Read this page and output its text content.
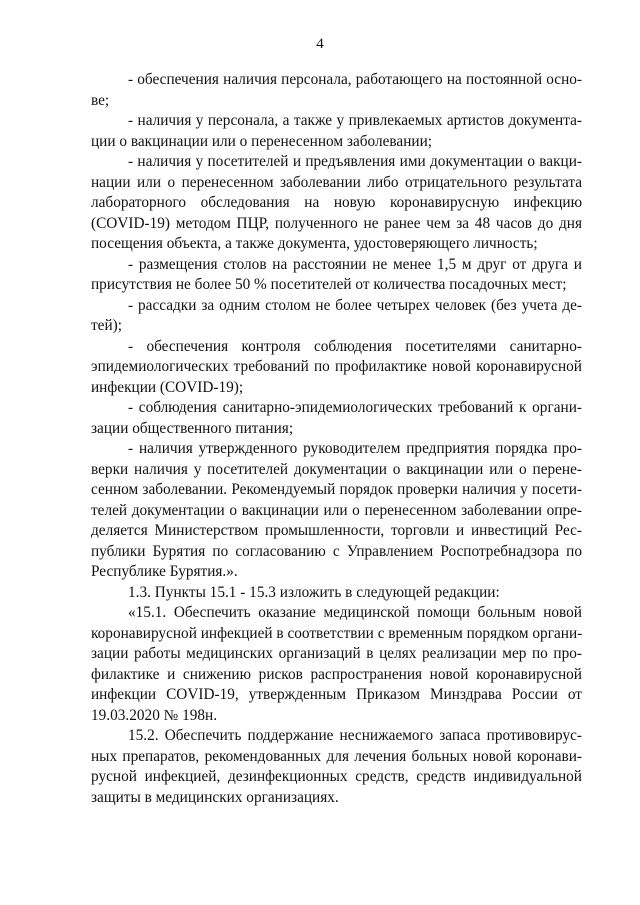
4
- обеспечения наличия персонала, работающего на постоянной осно-
ве;
- наличия у персонала, а также у привлекаемых артистов документа-
ции о вакцинации или о перенесенном заболевании;
- наличия у посетителей и предъявления ими документации о вакци-
нации или о перенесенном заболевании либо отрицательного результата
лабораторного обследования на новую коронавирусную инфекцию
(COVID-19) методом ПЦР, полученного не ранее чем за 48 часов до дня
посещения объекта, а также документа, удостоверяющего личность;
- размещения столов на расстоянии не менее 1,5 м друг от друга и
присутствия не более 50 % посетителей от количества посадочных мест;
- рассадки за одним столом не более четырех человек (без учета де-
тей);
- обеспечения контроля соблюдения посетителями санитарно-
эпидемиологических требований по профилактике новой коронавирусной
инфекции (COVID-19);
- соблюдения санитарно-эпидемиологических требований к органи-
зации общественного питания;
- наличия утвержденного руководителем предприятия порядка про-
верки наличия у посетителей документации о вакцинации или о перене-
сенном заболевании. Рекомендуемый порядок проверки наличия у посети-
телей документации о вакцинации или о перенесенном заболевании опре-
деляется Министерством промышленности, торговли и инвестиций Рес-
публики Бурятия по согласованию с Управлением Роспотребнадзора по
Республике Бурятия.».
1.3. Пункты 15.1 - 15.3 изложить в следующей редакции:
«15.1. Обеспечить оказание медицинской помощи больным новой
коронавирусной инфекцией в соответствии с временным порядком органи-
зации работы медицинских организаций в целях реализации мер по про-
филактике и снижению рисков распространения новой коронавирусной
инфекции COVID-19, утвержденным Приказом Минздрава России от
19.03.2020 № 198н.
15.2. Обеспечить поддержание неснижаемого запаса противовирус-
ных препаратов, рекомендованных для лечения больных новой коронави-
русной инфекцией, дезинфекционных средств, средств индивидуальной
защиты в медицинских организациях.
